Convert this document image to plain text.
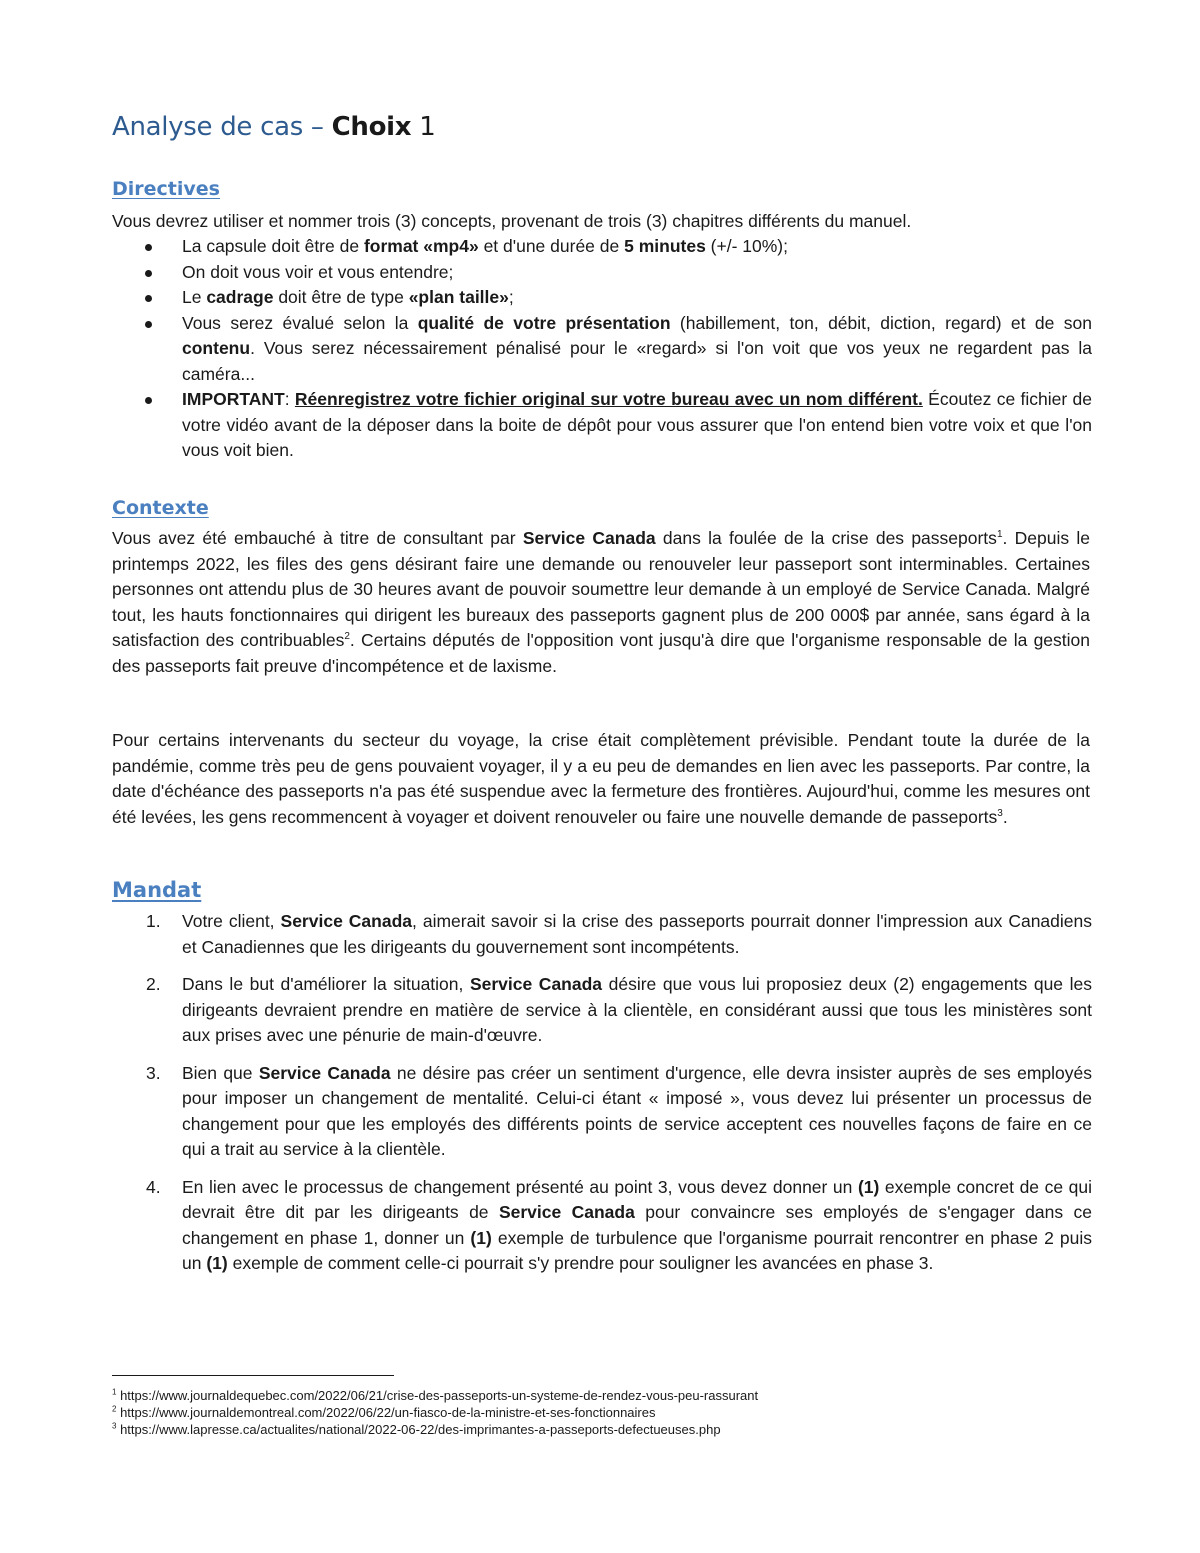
Analyse de cas – Choix 1
Directives
Vous devrez utiliser et nommer trois (3) concepts, provenant de trois (3) chapitres différents du manuel.
La capsule doit être de format «mp4» et d'une durée de 5 minutes (+/- 10%);
On doit vous voir et vous entendre;
Le cadrage doit être de type «plan taille»;
Vous serez évalué selon la qualité de votre présentation (habillement, ton, débit, diction, regard) et de son contenu. Vous serez nécessairement pénalisé pour le «regard» si l'on voit que vos yeux ne regardent pas la caméra...
IMPORTANT: Réenregistrez votre fichier original sur votre bureau avec un nom différent. Écoutez ce fichier de votre vidéo avant de la déposer dans la boite de dépôt pour vous assurer que l'on entend bien votre voix et que l'on vous voit bien.
Contexte

Vous avez été embauché à titre de consultant par Service Canada dans la foulée de la crise des passeports$^1$. Depuis le printemps 2022, les files des gens désirant faire une demande ou renouveler leur passeport sont interminables. Certaines personnes ont attendu plus de 30 heures avant de pouvoir soumettre leur demande à un employé de Service Canada. Malgré tout, les hauts fonctionnaires qui dirigent les bureaux des passeports gagnent plus de 200 000$ par année, sans égard à la satisfaction des contribuables$^2$. Certains députés de l'opposition vont jusqu'à dire que l'organisme responsable de la gestion des passeports fait preuve d'incompétence et de laxisme.

Pour certains intervenants du secteur du voyage, la crise était complètement prévisible. Pendant toute la durée de la pandémie, comme très peu de gens pouvaient voyager, il y a eu peu de demandes en lien avec les passeports. Par contre, la date d'échéance des passeports n'a pas été suspendue avec la fermeture des frontières. Aujourd'hui, comme les mesures ont été levées, les gens recommencent à voyager et doivent renouveler ou faire une nouvelle demande de passeports$^3$.

Mandat
1. Votre client, Service Canada, aimerait savoir si la crise des passeports pourrait donner l'impression aux Canadiens et Canadiennes que les dirigeants du gouvernement sont incompétents.
2. Dans le but d'améliorer la situation, Service Canada désire que vous lui proposiez deux (2) engagements que les dirigeants devraient prendre en matière de service à la clientèle, en considérant aussi que tous les ministères sont aux prises avec une pénurie de main-d'œuvre.
3. Bien que Service Canada ne désire pas créer un sentiment d'urgence, elle devra insister auprès de ses employés pour imposer un changement de mentalité. Celui-ci étant « imposé », vous devez lui présenter un processus de changement pour que les employés des différents points de service acceptent ces nouvelles façons de faire en ce qui a trait au service à la clientèle.
4. En lien avec le processus de changement présenté au point 3, vous devez donner un (1) exemple concret de ce qui devrait être dit par les dirigeants de Service Canada pour convaincre ses employés de s'engager dans ce changement en phase 1, donner un (1) exemple de turbulence que l'organisme pourrait rencontrer en phase 2 puis un (1) exemple de comment celle-ci pourrait s'y prendre pour souligner les avancées en phase 3.
$^1$ https://www.journaldequebec.com/2022/06/21/crise-des-passeports-un-systeme-de-rendez-vous-peu-rassurant
$^2$ https://www.journaldemontreal.com/2022/06/22/un-fiasco-de-la-ministre-et-ses-fonctionnaires
$^3$ https://www.lapresse.ca/actualites/national/2022-06-22/des-imprimantes-a-passeports-defectueuses.php
